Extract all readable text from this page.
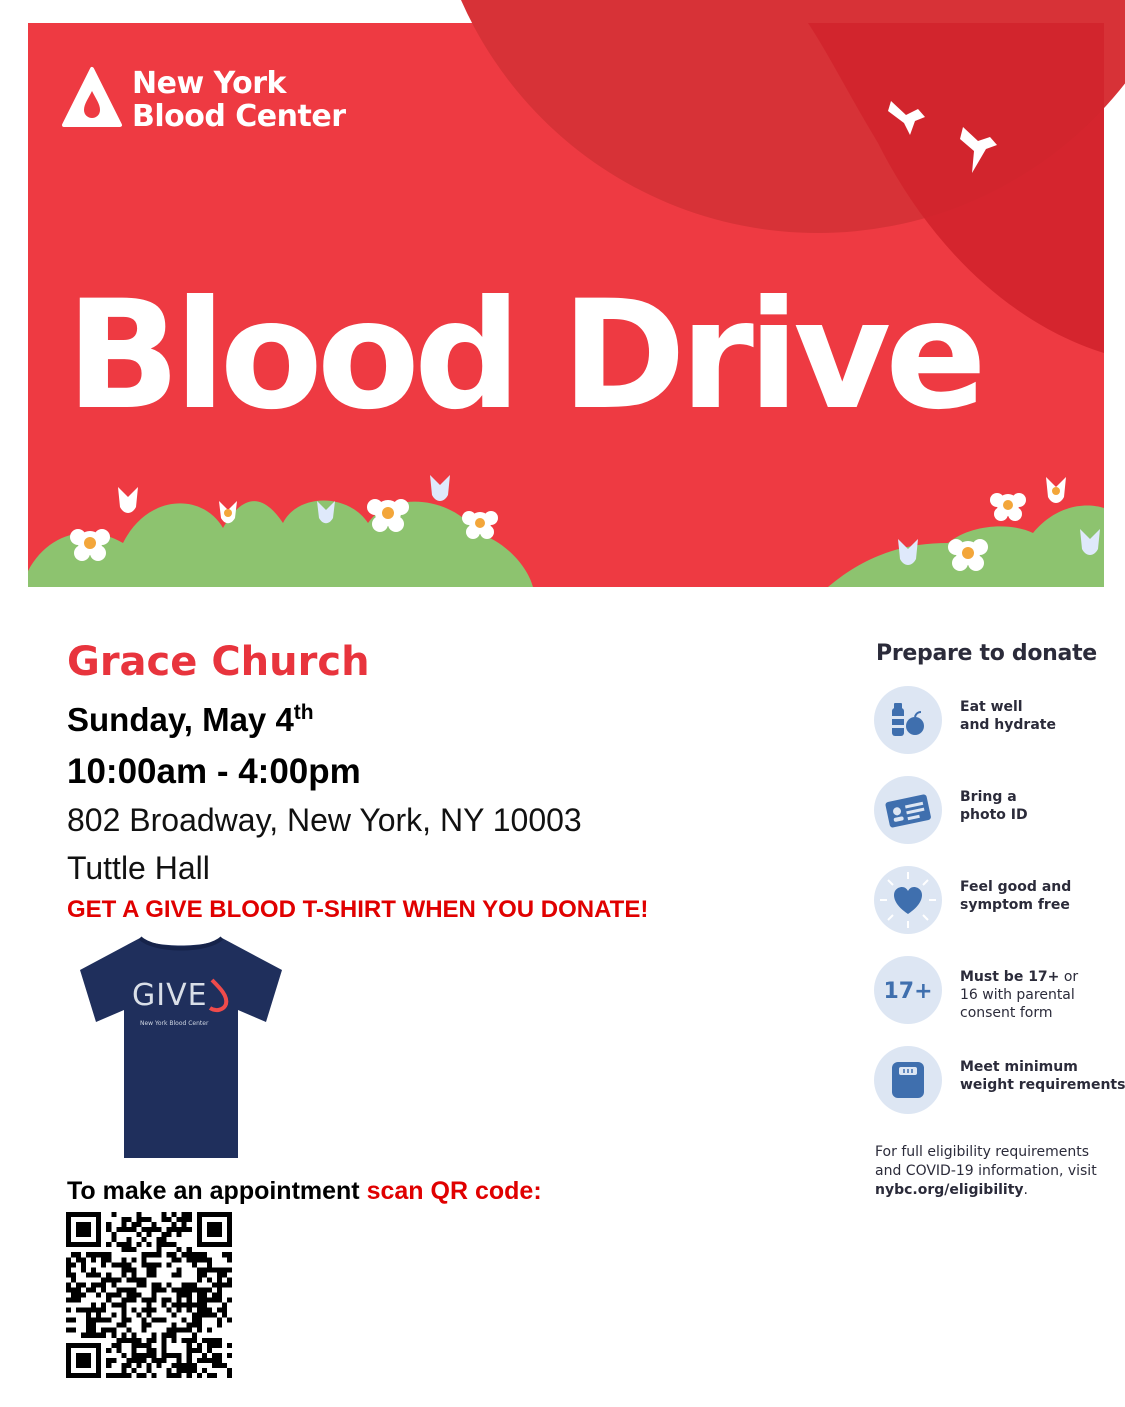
New York
Blood Center
Blood Drive
Grace Church
Sunday, May 4th
10:00am - 4:00pm
802 Broadway, New York, NY 10003
Tuttle Hall
GET A GIVE BLOOD T-SHIRT WHEN YOU DONATE!
GIVE
New York Blood Center
To make an appointment scan QR code:
Prepare to donate
Eat well
and hydrate
Bring a
photo ID
Feel good and
symptom free
17+
Must be 17+ or
16 with parental
consent form
Meet minimum
weight requirements
For full eligibility requirements
and COVID-19 information, visit
nybc.org/eligibility.
